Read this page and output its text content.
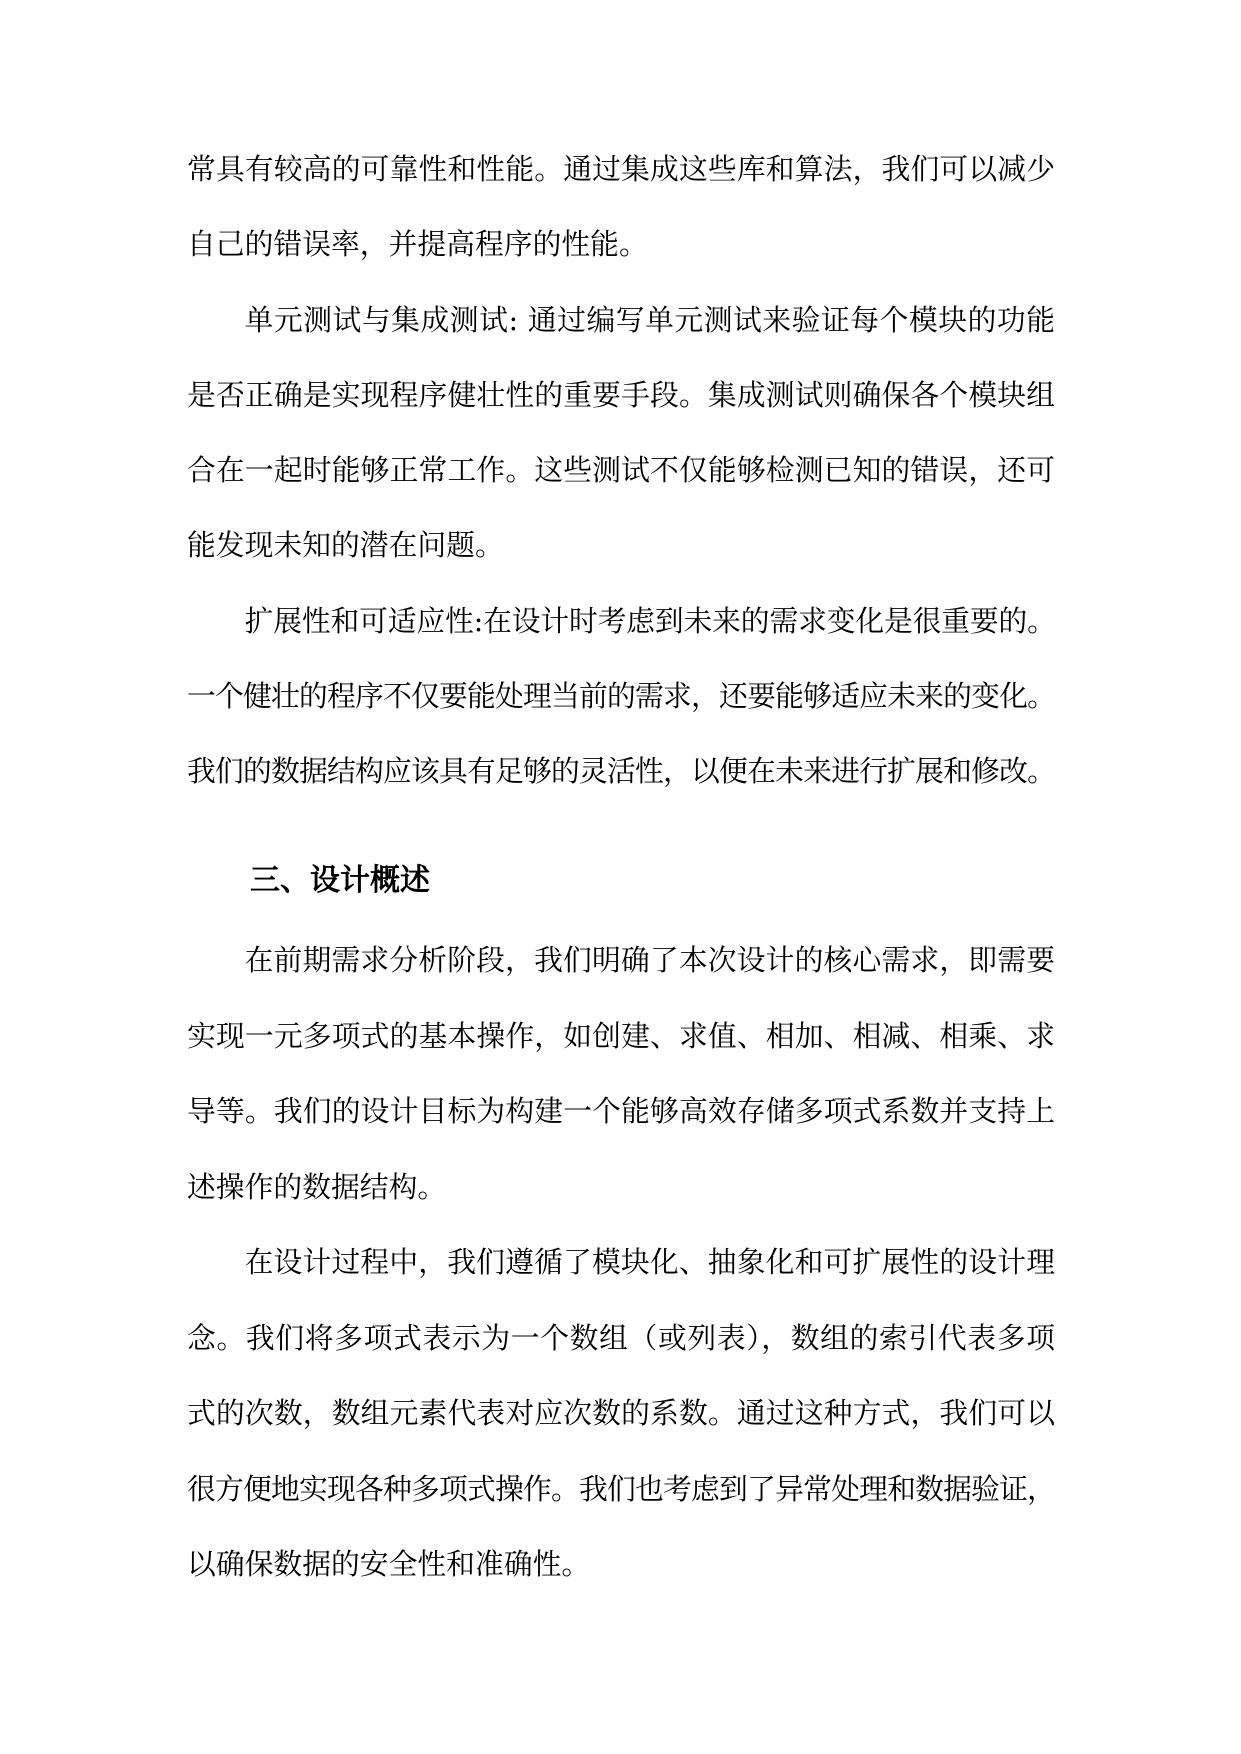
常具有较高的可靠性和性能。通过集成这些库和算法，我们可以减少
自己的错误率，并提高程序的性能。
单元测试与集成测试: 通过编写单元测试来验证每个模块的功能
是否正确是实现程序健壮性的重要手段。集成测试则确保各个模块组
合在一起时能够正常工作。这些测试不仅能够检测已知的错误，还可
能发现未知的潜在问题。
扩展性和可适应性:在设计时考虑到未来的需求变化是很重要的。
一个健壮的程序不仅要能处理当前的需求，还要能够适应未来的变化。
我们的数据结构应该具有足够的灵活性，以便在未来进行扩展和修改。
三、设计概述
在前期需求分析阶段，我们明确了本次设计的核心需求，即需要
实现一元多项式的基本操作，如创建、求值、相加、相减、相乘、求
导等。我们的设计目标为构建一个能够高效存储多项式系数并支持上
述操作的数据结构。
在设计过程中，我们遵循了模块化、抽象化和可扩展性的设计理
念。我们将多项式表示为一个数组（或列表），数组的索引代表多项
式的次数，数组元素代表对应次数的系数。通过这种方式，我们可以
很方便地实现各种多项式操作。我们也考虑到了异常处理和数据验证，
以确保数据的安全性和准确性。
